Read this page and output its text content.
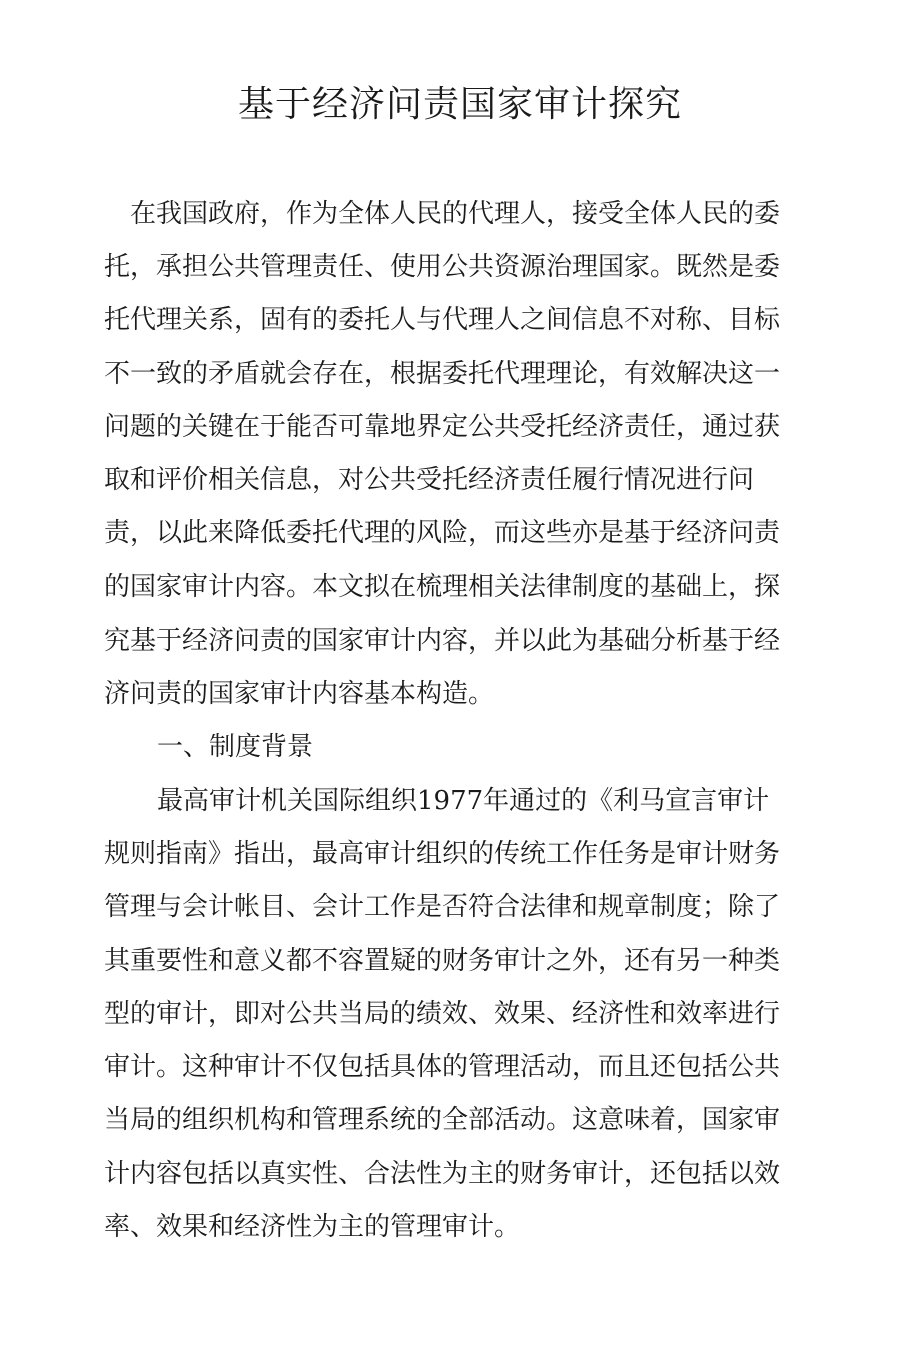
基于经济问责国家审计探究
在我国政府，作为全体人民的代理人，接受全体人民的委
托，承担公共管理责任、使用公共资源治理国家。既然是委
托代理关系，固有的委托人与代理人之间信息不对称、目标
不一致的矛盾就会存在，根据委托代理理论，有效解决这一
问题的关键在于能否可靠地界定公共受托经济责任，通过获
取和评价相关信息，对公共受托经济责任履行情况进行问
责，以此来降低委托代理的风险，而这些亦是基于经济问责
的国家审计内容。本文拟在梳理相关法律制度的基础上，探
究基于经济问责的国家审计内容，并以此为基础分析基于经
济问责的国家审计内容基本构造。
一、制度背景
最高审计机关国际组织1977年通过的《利马宣言审计
规则指南》指出，最高审计组织的传统工作任务是审计财务
管理与会计帐目、会计工作是否符合法律和规章制度；除了
其重要性和意义都不容置疑的财务审计之外，还有另一种类
型的审计，即对公共当局的绩效、效果、经济性和效率进行
审计。这种审计不仅包括具体的管理活动，而且还包括公共
当局的组织机构和管理系统的全部活动。这意味着，国家审
计内容包括以真实性、合法性为主的财务审计，还包括以效
率、效果和经济性为主的管理审计。
